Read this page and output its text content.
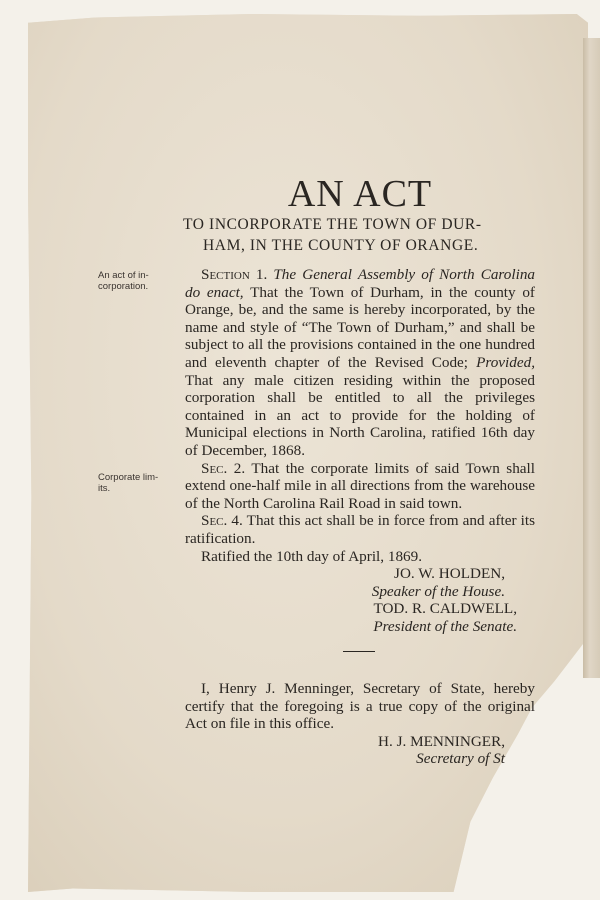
AN ACT

TO INCORPORATE THE TOWN OF DUR-
HAM, IN THE COUNTY OF ORANGE.

An act of in-
corporation.
Corporate lim-
its.

Section 1. The General Assembly of North Carolina do enact, That the Town of Durham, in the county of Orange, be, and the same is hereby incorporated, by the name and style of “The Town of Durham,” and shall be subject to all the provisions contained in the one hundred and eleventh chapter of the Revised Code; Provided, That any male citizen residing within the proposed corporation shall be entitled to all the privileges contained in an act to provide for the holding of Municipal elections in North Carolina, ratified 16th day of December, 1868.

Sec. 2. That the corporate limits of said Town shall extend one-half mile in all directions from the warehouse of the North Carolina Rail Road in said town.

Sec. 4. That this act shall be in force from and after its ratification.

Ratified the 10th day of April, 1869.

JO. W. HOLDEN,

Speaker of the House.

TOD. R. CALDWELL,

President of the Senate.

I, Henry J. Menninger, Secretary of State, hereby certify that the foregoing is a true copy of the original Act on file in this office.

H. J. MENNINGER,

Secretary of St
